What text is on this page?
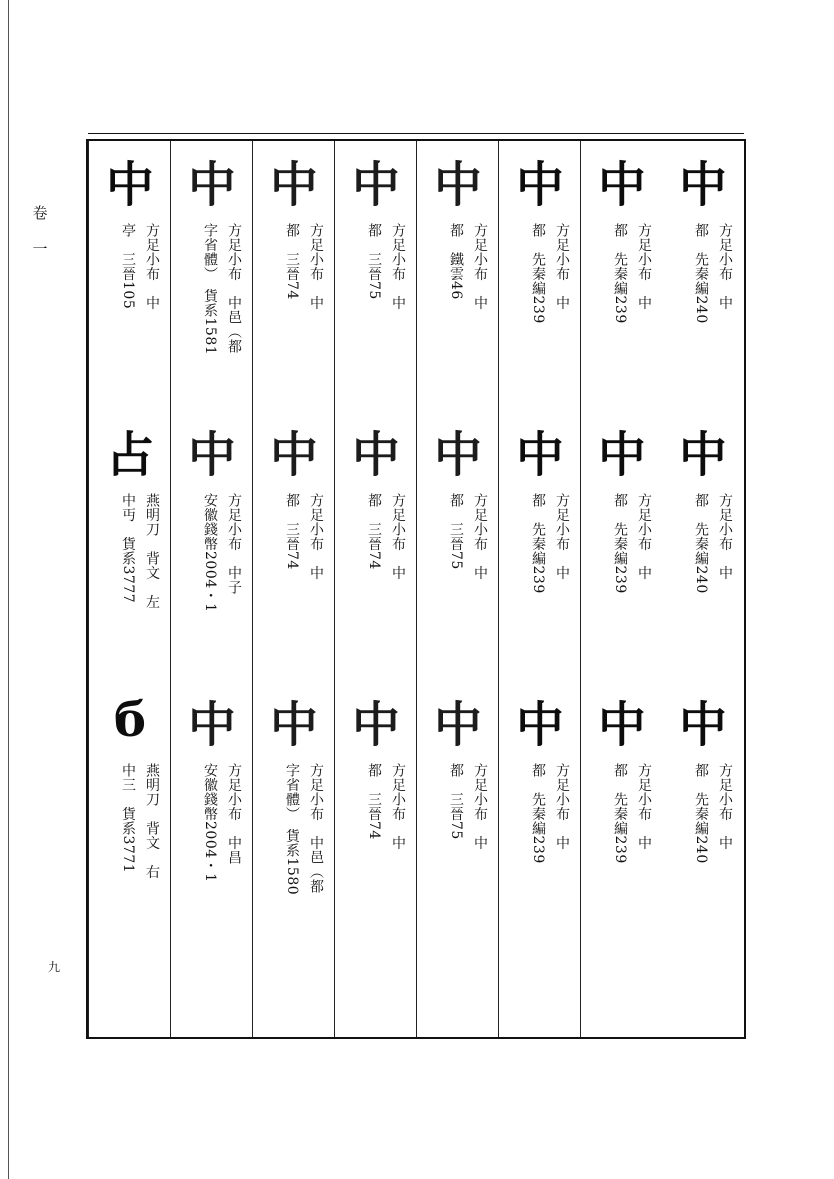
卷
一
九
中
方足小布　中
都　先秦編240
中
方足小布　中
都　先秦編240
中
方足小布　中
都　先秦編240
中
方足小布　中
都　先秦編239
中
方足小布　中
都　先秦編239
中
方足小布　中
都　先秦編239
中
方足小布　中
都　先秦編239
中
方足小布　中
都　先秦編239
中
方足小布　中
都　先秦編239
中
方足小布　中
都　鐵雲46
中
方足小布　中
都　三晉75
中
方足小布　中
都　三晉75
中
方足小布　中
都　三晉75
中
方足小布　中
都　三晉74
中
方足小布　中
都　三晉74
中
方足小布　中
都　三晉74
中
方足小布　中
都　三晉74
中
方足小布　中邑（都
字省體）　貨系1580
中
方足小布　中邑（都
字省體）　貨系1581
中
方足小布　中子
安徽錢幣2004・1
中
方足小布　中昌
安徽錢幣2004・1
中
方足小布　中
亭　三晉105
占
燕明刀　背文　左
中丏　貨系3777
б
燕明刀　背文　右
中三　貨系3771
